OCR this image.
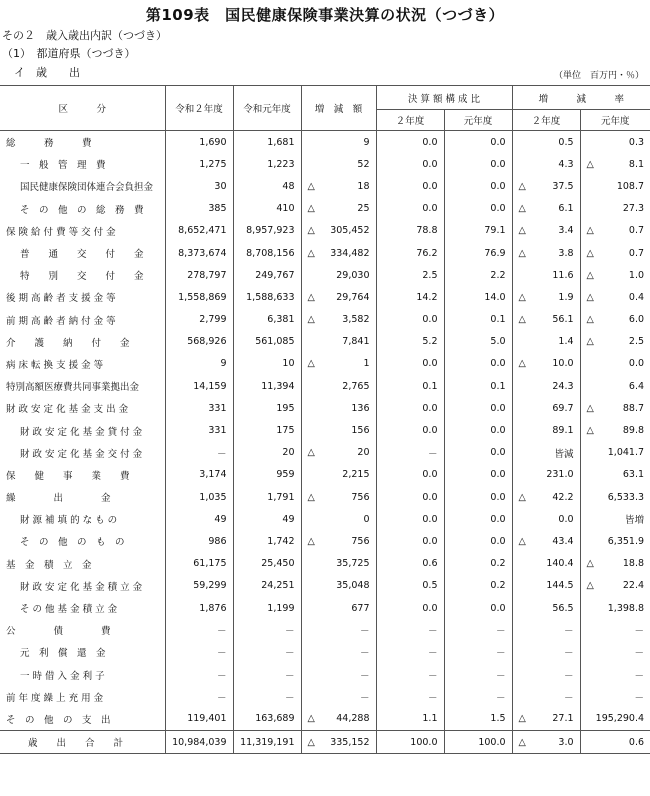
第109表　国民健康保険事業決算の状況（つづき）
その２　歳入歳出内訳（つづき）
（1）　都道府県（つづき）
イ　歳　　出	（単位　百万円・％）
区　　　分	令和２年度	令和元年度	増　減　額	決 算 額 構 成 比		増　　　減　　　率	
				２年度	元年度	２年度	元年度

総　　　務　　　費	1,690	1,681	9	0.0	0.0	0.5	0.3

一　般　管　理　費	1,275	1,223	52	0.0	0.0	4.3	△ 8.1

国民健康保険団体連合会負担金	30	48	△ 18	0.0	0.0	△ 37.5	108.7

そ　の　他　の　総　務　費	385	410	△ 25	0.0	0.0	△ 6.1	27.3

保 険 給 付 費 等 交 付 金	8,652,471	8,957,923	△ 305,452	78.8	79.1	△ 3.4	△ 0.7

普　　通　　交　　付　　金	8,373,674	8,708,156	△ 334,482	76.2	76.9	△ 3.8	△ 0.7

特　　別　　交　　付　　金	278,797	249,767	29,030	2.5	2.2	11.6	△ 1.0

後 期 高 齢 者 支 援 金 等	1,558,869	1,588,633	△ 29,764	14.2	14.0	△ 1.9	△ 0.4

前 期 高 齢 者 納 付 金 等	2,799	6,381	△ 3,582	0.0	0.1	△ 56.1	△ 6.0

介　　護　　納　　付　　金	568,926	561,085	7,841	5.2	5.0	1.4	△ 2.5

病 床 転 換 支 援 金 等	9	10	△ 1	0.0	0.0	△ 10.0	0.0

特別高額医療費共同事業拠出金	14,159	11,394	2,765	0.1	0.1	24.3	6.4

財 政 安 定 化 基 金 支 出 金	331	195	136	0.0	0.0	69.7	△ 88.7

財 政 安 定 化 基 金 貸 付 金	331	175	156	0.0	0.0	89.1	△ 89.8

財 政 安 定 化 基 金 交 付 金	－	20	△ 20	－	0.0	皆減	1,041.7

保　　健　　事　　業　　費	3,174	959	2,215	0.0	0.0	231.0	63.1

繰　　　　出　　　　金	1,035	1,791	△ 756	0.0	0.0	△ 42.2	6,533.3

財 源 補 填 的 な も の	49	49	0	0.0	0.0	0.0	皆増

そ　の　他　の　も　の	986	1,742	△ 756	0.0	0.0	△ 43.4	6,351.9

基　金　積　立　金	61,175	25,450	35,725	0.6	0.2	140.4	△ 18.8

財 政 安 定 化 基 金 積 立 金	59,299	24,251	35,048	0.5	0.2	144.5	△ 22.4

そ の 他 基 金 積 立 金	1,876	1,199	677	0.0	0.0	56.5	1,398.8

公　　　　債　　　　費	－	－	－	－	－	－	－

元　利　償　還　金	－	－	－	－	－	－	－

一 時 借 入 金 利 子	－	－	－	－	－	－	－

前 年 度 繰 上 充 用 金	－	－	－	－	－	－	－

そ　の　他　の　支　出	119,401	163,689	△ 44,288	1.1	1.5	△ 27.1	195,290.4

歳　　出　　合　　計	10,984,039	11,319,191	△ 335,152	100.0	100.0	△ 3.0	0.6
